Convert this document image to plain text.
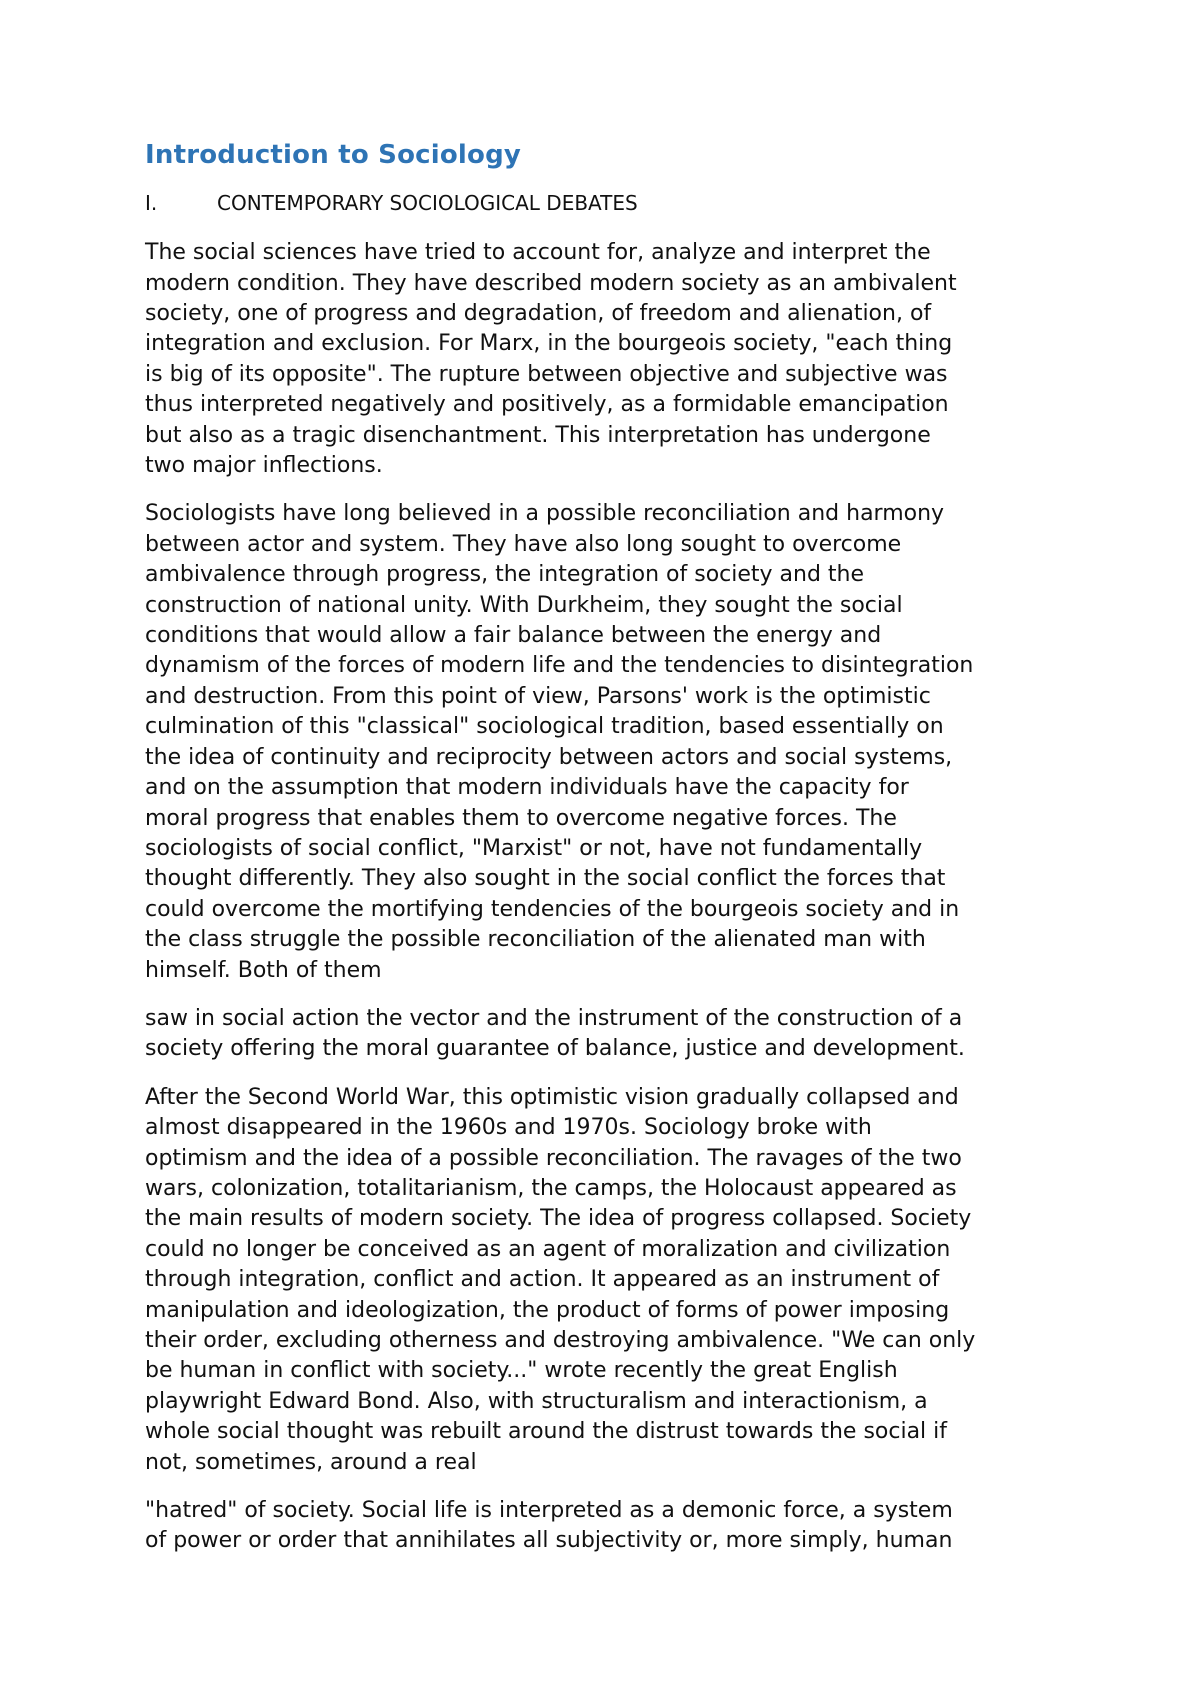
Introduction to Sociology
I.	CONTEMPORARY SOCIOLOGICAL DEBATES
The social sciences have tried to account for, analyze and interpret the
modern condition. They have described modern society as an ambivalent
society, one of progress and degradation, of freedom and alienation, of
integration and exclusion. For Marx, in the bourgeois society, "each thing
is big of its opposite". The rupture between objective and subjective was
thus interpreted negatively and positively, as a formidable emancipation
but also as a tragic disenchantment. This interpretation has undergone
two major inflections.
Sociologists have long believed in a possible reconciliation and harmony
between actor and system. They have also long sought to overcome
ambivalence through progress, the integration of society and the
construction of national unity. With Durkheim, they sought the social
conditions that would allow a fair balance between the energy and
dynamism of the forces of modern life and the tendencies to disintegration
and destruction. From this point of view, Parsons' work is the optimistic
culmination of this "classical" sociological tradition, based essentially on
the idea of continuity and reciprocity between actors and social systems,
and on the assumption that modern individuals have the capacity for
moral progress that enables them to overcome negative forces. The
sociologists of social conflict, "Marxist" or not, have not fundamentally
thought differently. They also sought in the social conflict the forces that
could overcome the mortifying tendencies of the bourgeois society and in
the class struggle the possible reconciliation of the alienated man with
himself. Both of them
saw in social action the vector and the instrument of the construction of a
society offering the moral guarantee of balance, justice and development.
After the Second World War, this optimistic vision gradually collapsed and
almost disappeared in the 1960s and 1970s. Sociology broke with
optimism and the idea of a possible reconciliation. The ravages of the two
wars, colonization, totalitarianism, the camps, the Holocaust appeared as
the main results of modern society. The idea of progress collapsed. Society
could no longer be conceived as an agent of moralization and civilization
through integration, conflict and action. It appeared as an instrument of
manipulation and ideologization, the product of forms of power imposing
their order, excluding otherness and destroying ambivalence. "We can only
be human in conflict with society..." wrote recently the great English
playwright Edward Bond. Also, with structuralism and interactionism, a
whole social thought was rebuilt around the distrust towards the social if
not, sometimes, around a real
"hatred" of society. Social life is interpreted as a demonic force, a system
of power or order that annihilates all subjectivity or, more simply, human
